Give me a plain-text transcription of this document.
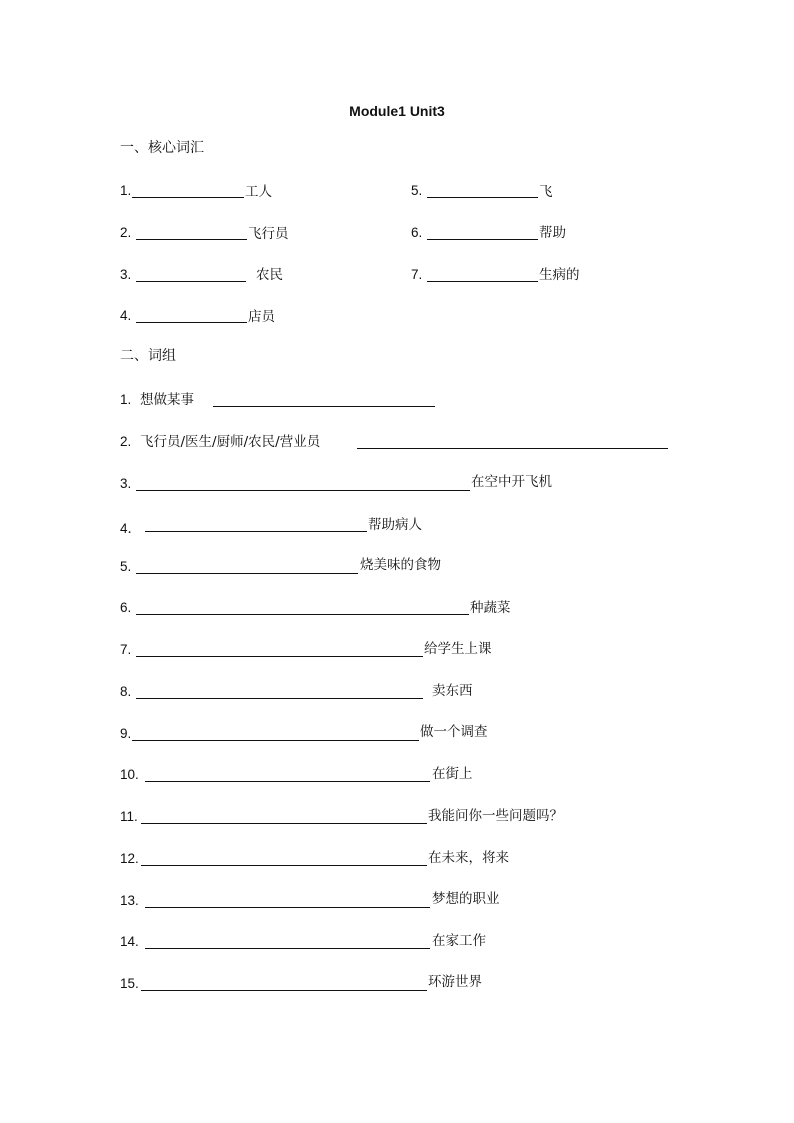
Module1 Unit3
一、核心词汇
1.	工人
2.	飞行员
3.	农民
4.	店员
5.	飞
6.	帮助
7.	生病的
二、词组
1. 想做某事
2. 飞行员/医生/厨师/农民/营业员
3.	在空中开飞机
4．	帮助病人
5.	烧美味的食物
6.	种蔬菜
7.	给学生上课
8.	卖东西
9.	做一个调查
10.	在街上
11.	我能问你一些问题吗？
12.	在未来，将来
13.	梦想的职业
14.	在家工作
15.	环游世界
